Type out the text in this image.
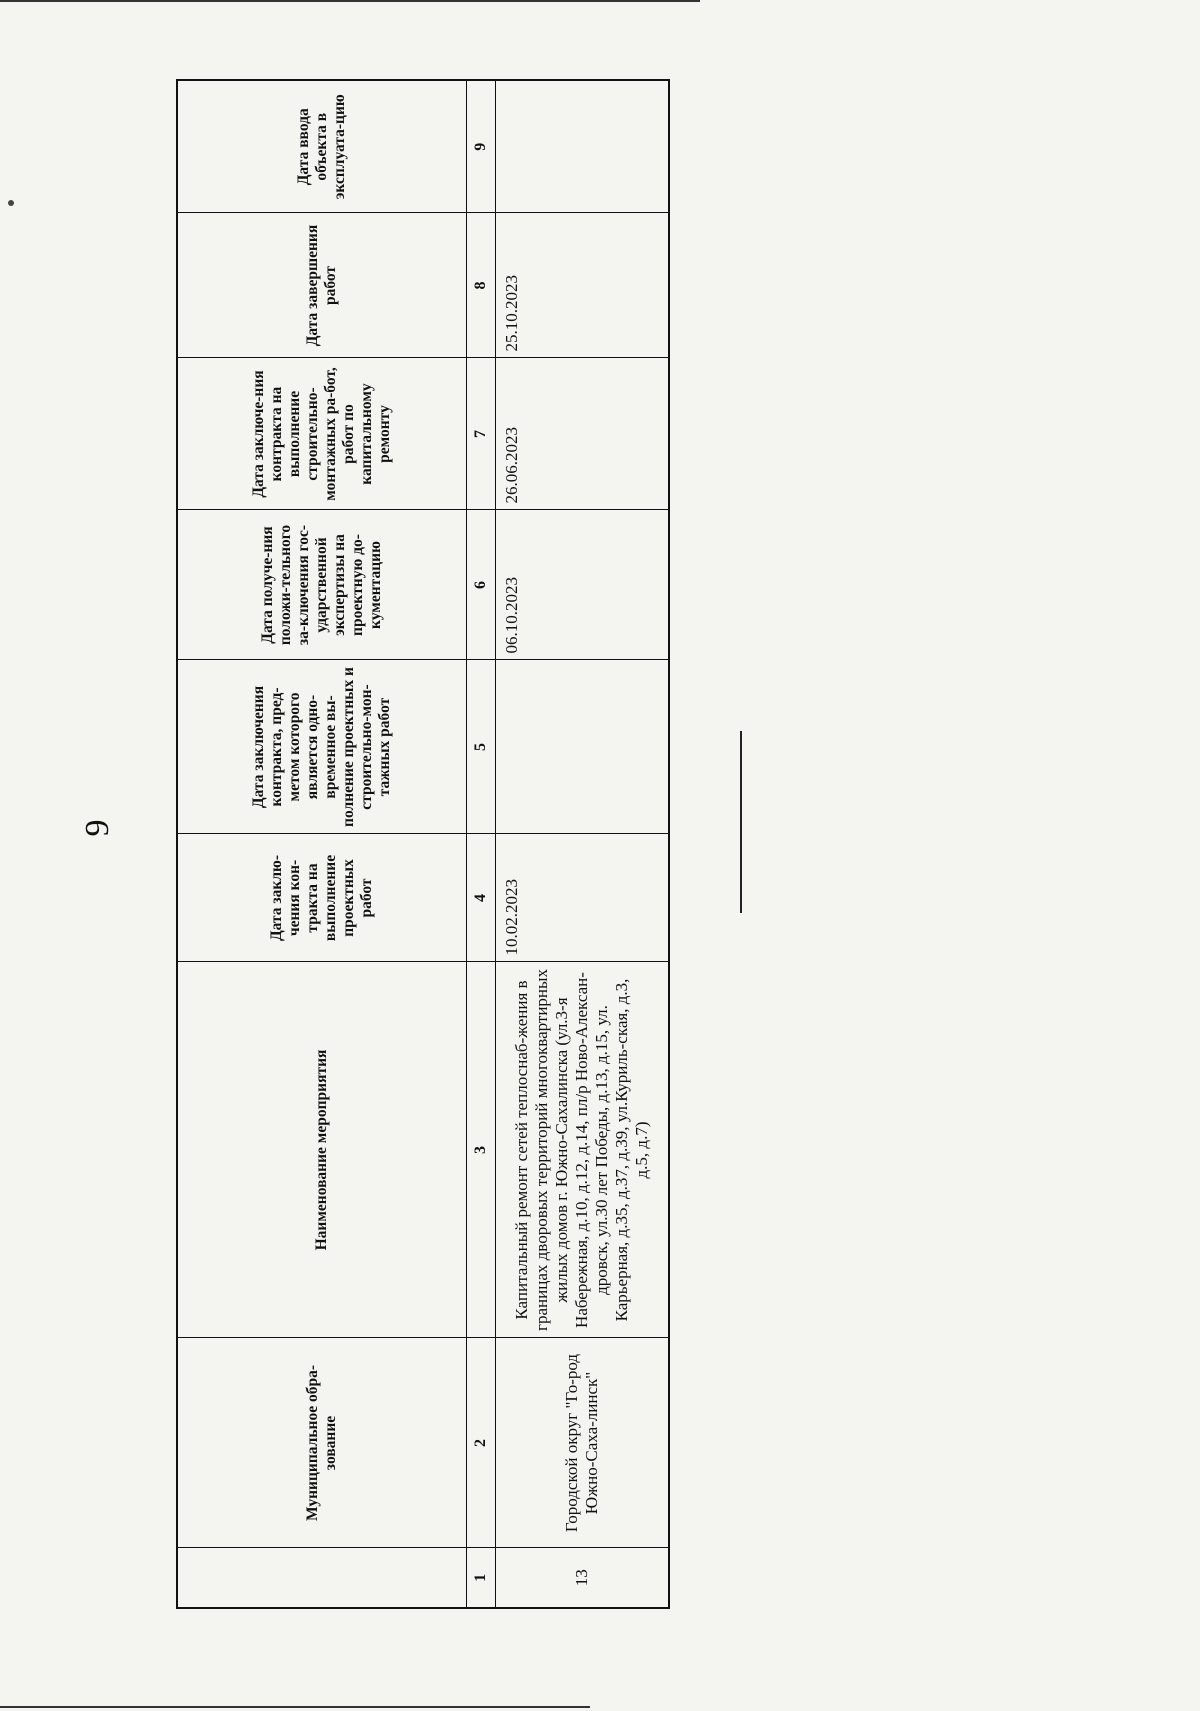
9
	Муниципальное обра-зование	Наименование мероприятия	Дата заклю-чения кон-тракта на выполнение проектных работ	Дата заключения контракта, пред-метом которого является одно-временное вы-полнение проектных и строительно-мон-тажных работ	Дата получе-ния положи-тельного за-ключения гос-ударственной экспертизы на проектную до-кументацию	Дата заключе-ния контракта на выполнение строительно-монтажных ра-бот, работ по капитальному ремонту	Дата завершения работ	Дата ввода объекта в эксплуата-цию
1	2	3	4	5	6	7	8	9
13	Городской округ "Го-род Южно-Саха-линск"	Капитальный ремонт сетей теплоснаб-жения в границах дворовых территорий многоквартирных жилых домов г. Южно-Сахалинска (ул.3-я Набережная, д.10, д.12, д.14, пл/р Ново-Алексан-дровск, ул.30 лет Победы, д.13, д.15, ул. Карьерная, д.35, д.37, д.39, ул.Куриль-ская, д.3, д.5, д.7)	10.02.2023		06.10.2023	26.06.2023	25.10.2023	
